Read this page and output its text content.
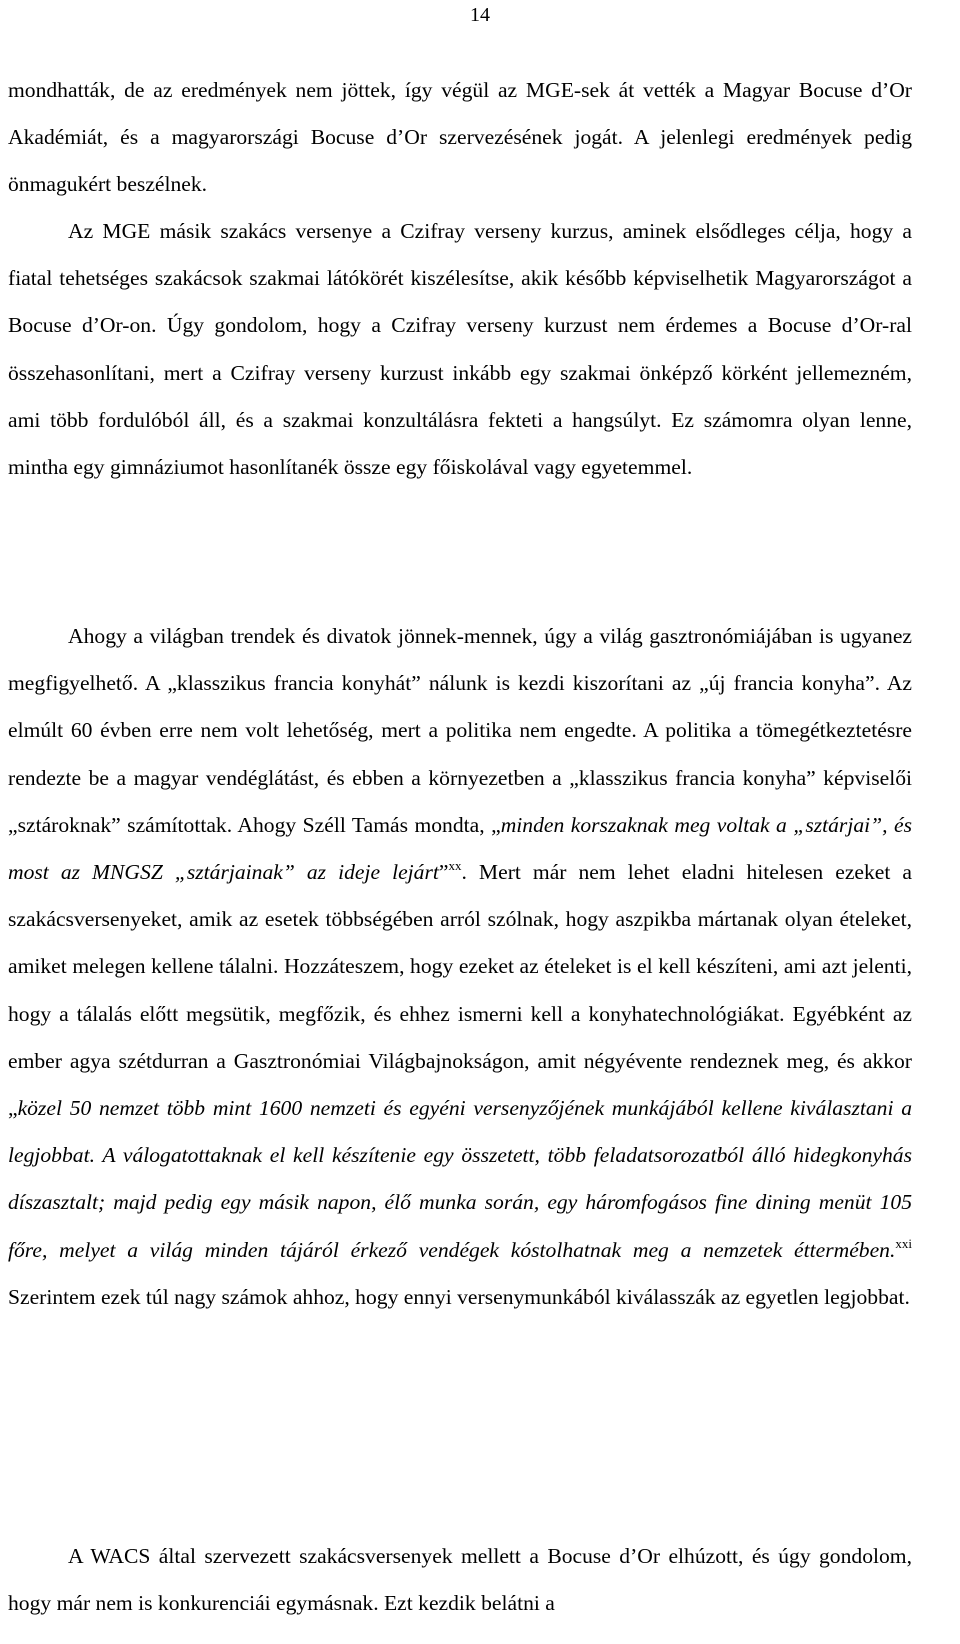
14

mondhatták, de az eredmények nem jöttek, így végül az MGE-sek át vették a Magyar Bocuse d’Or Akadémiát, és a magyarországi Bocuse d’Or szervezésének jogát. A jelenlegi eredmények pedig önmagukért beszélnek.

Az MGE másik szakács versenye a Czifray verseny kurzus, aminek elsődleges célja, hogy a fiatal tehetséges szakácsok szakmai látókörét kiszélesítse, akik később képviselhetik Magyarországot a Bocuse d’Or-on. Úgy gondolom, hogy a Czifray verseny kurzust nem érdemes a Bocuse d’Or-ral összehasonlítani, mert a Czifray verseny kurzust inkább egy szakmai önképző körként jellemezném, ami több fordulóból áll, és a szakmai konzultálásra fekteti a hangsúlyt. Ez számomra olyan lenne, mintha egy gimnáziumot hasonlítanék össze egy főiskolával vagy egyetemmel.

Ahogy a világban trendek és divatok jönnek-mennek, úgy a világ gasztronómiájában is ugyanez megfigyelhető. A „klasszikus francia konyhát” nálunk is kezdi kiszorítani az „új francia konyha”. Az elmúlt 60 évben erre nem volt lehetőség, mert a politika nem engedte. A politika a tömegétkeztetésre rendezte be a magyar vendéglátást, és ebben a környezetben a „klasszikus francia konyha” képviselői „sztároknak” számítottak. Ahogy Széll Tamás mondta, „minden korszaknak meg voltak a „sztárjai”, és most az MNGSZ „sztárjainak” az ideje lejárt”$^{xx}$. Mert már nem lehet eladni hitelesen ezeket a szakácsversenyeket, amik az esetek többségében arról szólnak, hogy aszpikba mártanak olyan ételeket, amiket melegen kellene tálalni. Hozzáteszem, hogy ezeket az ételeket is el kell készíteni, ami azt jelenti, hogy a tálalás előtt megsütik, megfőzik, és ehhez ismerni kell a konyhatechnológiákat. Egyébként az ember agya szétdurran a Gasztronómiai Világbajnokságon, amit négyévente rendeznek meg, és akkor „közel 50 nemzet több mint 1600 nemzeti és egyéni versenyzőjének munkájából kellene kiválasztani a legjobbat. A válogatottaknak el kell készítenie egy összetett, több feladatsorozatból álló hidegkonyhás díszasztalt; majd pedig egy másik napon, élő munka során, egy háromfogásos fine dining menüt 105 főre, melyet a világ minden tájáról érkező vendégek kóstolhatnak meg a nemzetek éttermében.$^{xxi}$ Szerintem ezek túl nagy számok ahhoz, hogy ennyi versenymunkából kiválasszák az egyetlen legjobbat.

A WACS által szervezett szakácsversenyek mellett a Bocuse d’Or elhúzott, és úgy gondolom, hogy már nem is konkurenciái egymásnak. Ezt kezdik belátni a
